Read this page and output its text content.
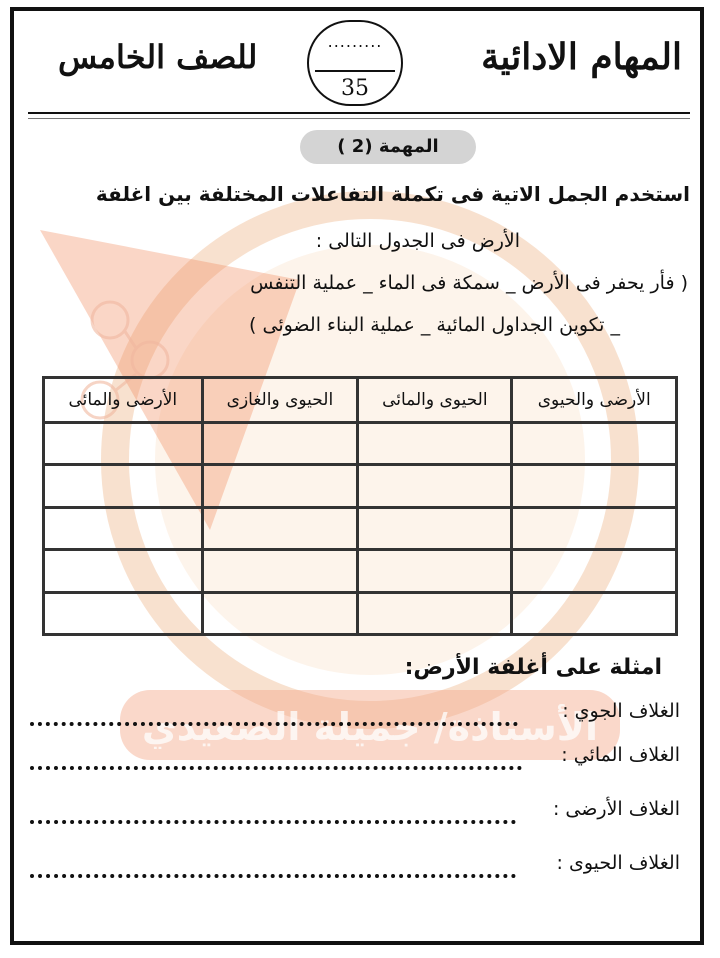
الأستاذة/ جميلة الصعيدي
المهام الادائية
للصف الخامس	.........
35
المهمة (2 )
استخدم الجمل الاتية فى تكملة التفاعلات المختلفة بين اغلفة
الأرض فى الجدول التالى :
( فأر يحفر فى الأرض _ سمكة فى الماء _ عملية التنفس
_ تكوين الجداول المائية _ عملية البناء الضوئى )
الأرضى والحيوى	الحيوى والمائى	الحيوى والغازى	الأرضى والمائى

امثلة على أغلفة الأرض:
الغلاف الجوي :
الغلاف المائي :
الغلاف الأرضى :
الغلاف الحيوى :
